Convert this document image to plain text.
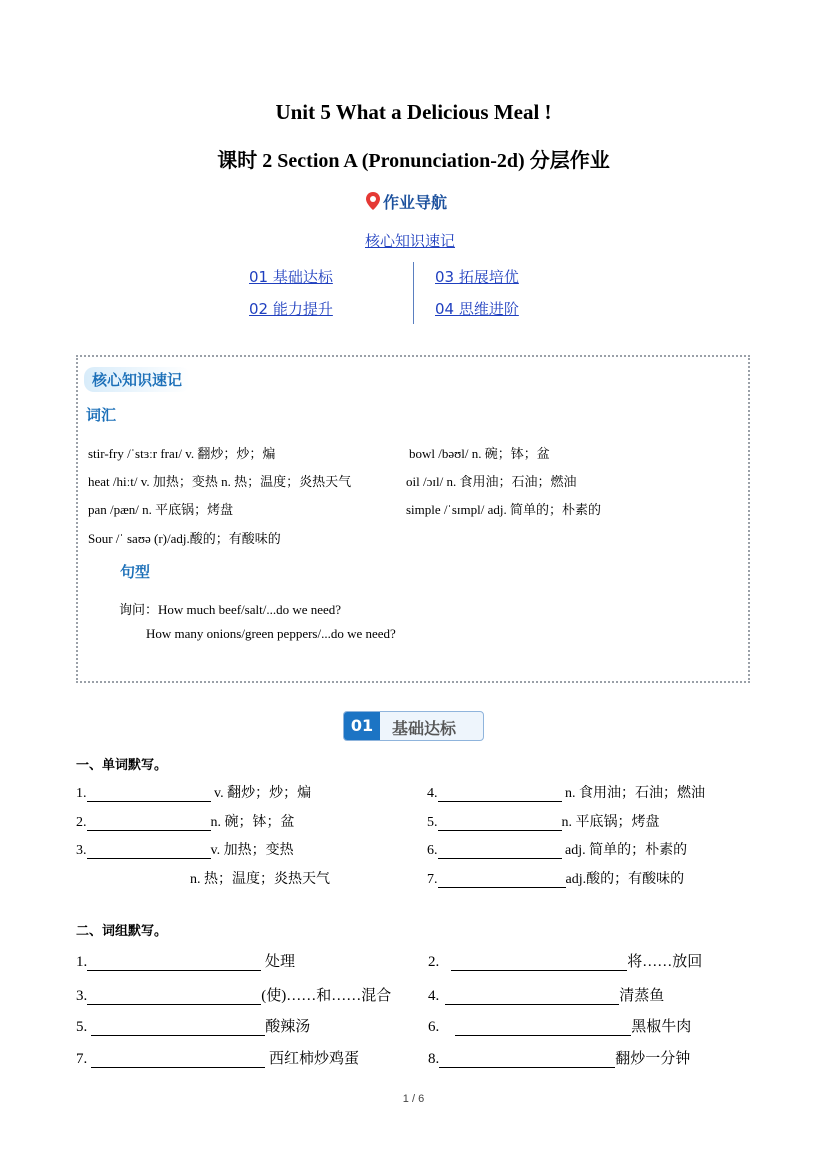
Unit 5 What a Delicious Meal !
课时 2 Section A (Pronunciation-2d) 分层作业
作业导航
核心知识速记
01 基础达标
02 能力提升
03 拓展培优
04 思维进阶
核心知识速记
词汇
stir-fry /ˈstɜːr fraɪ/ v. 翻炒；炒；煸	bowl /bəʊl/ n. 碗；钵；盆
heat /hiːt/ v. 加热；变热 n. 热；温度；炎热天气	oil /ɔɪl/ n. 食用油；石油；燃油
pan /pæn/ n. 平底锅；烤盘	simple /ˈsɪmpl/ adj. 简单的；朴素的
Sour /ˈ saʊə (r)/adj.酸的；有酸味的
句型
询问：How much beef/salt/...do we need?
How many onions/green peppers/...do we need?
01	基础达标
一、单词默写。
1.	v. 翻炒；炒；煸	4.	n. 食用油；石油；燃油
2.	n. 碗；钵；盆	5.	n. 平底锅；烤盘
3.	v. 加热；变热	6.	adj. 简单的；朴素的
n. 热；温度；炎热天气	7.	adj.酸的；有酸味的
二、词组默写。
1.	处理	2.	将……放回
3.	(使)……和……混合 4.	清蒸鱼
5.	酸辣汤	6.	黑椒牛肉
7.	西红柿炒鸡蛋	8.	翻炒一分钟
1 / 6
